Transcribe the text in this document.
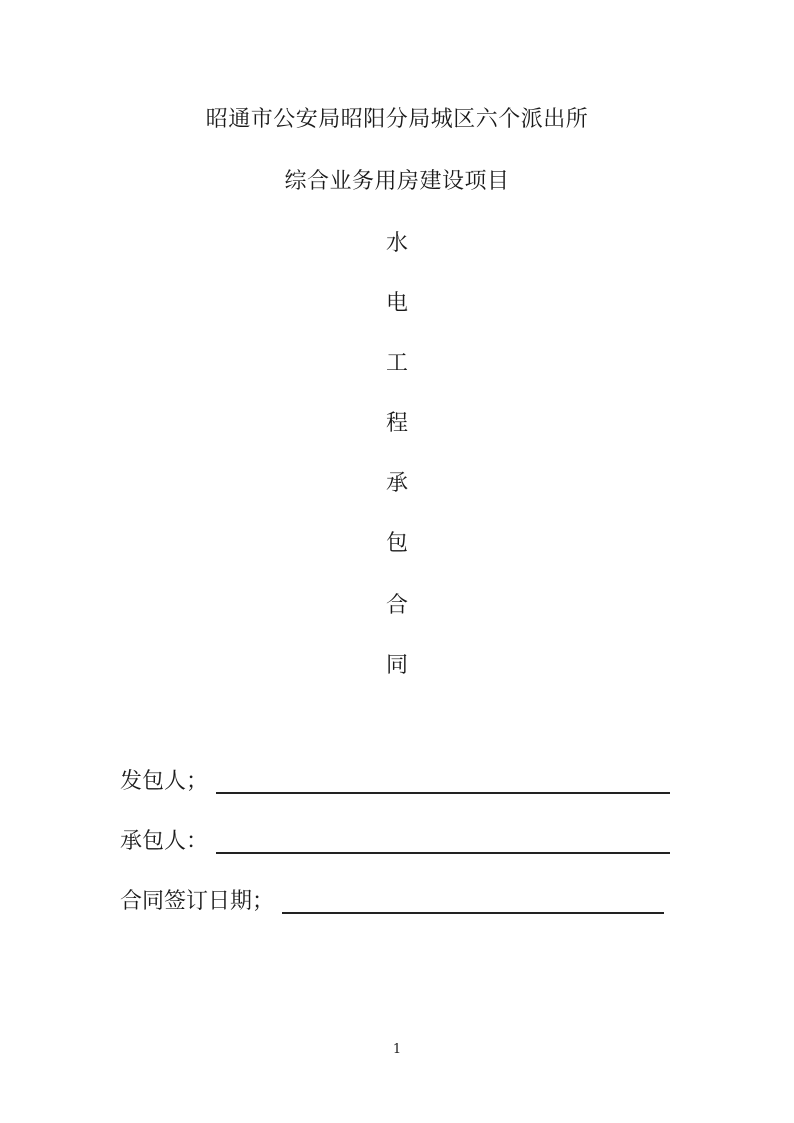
昭通市公安局昭阳分局城区六个派出所
综合业务用房建设项目
水
电
工
程
承
包
合
同
发包人；
承包人：
合同签订日期；
1
